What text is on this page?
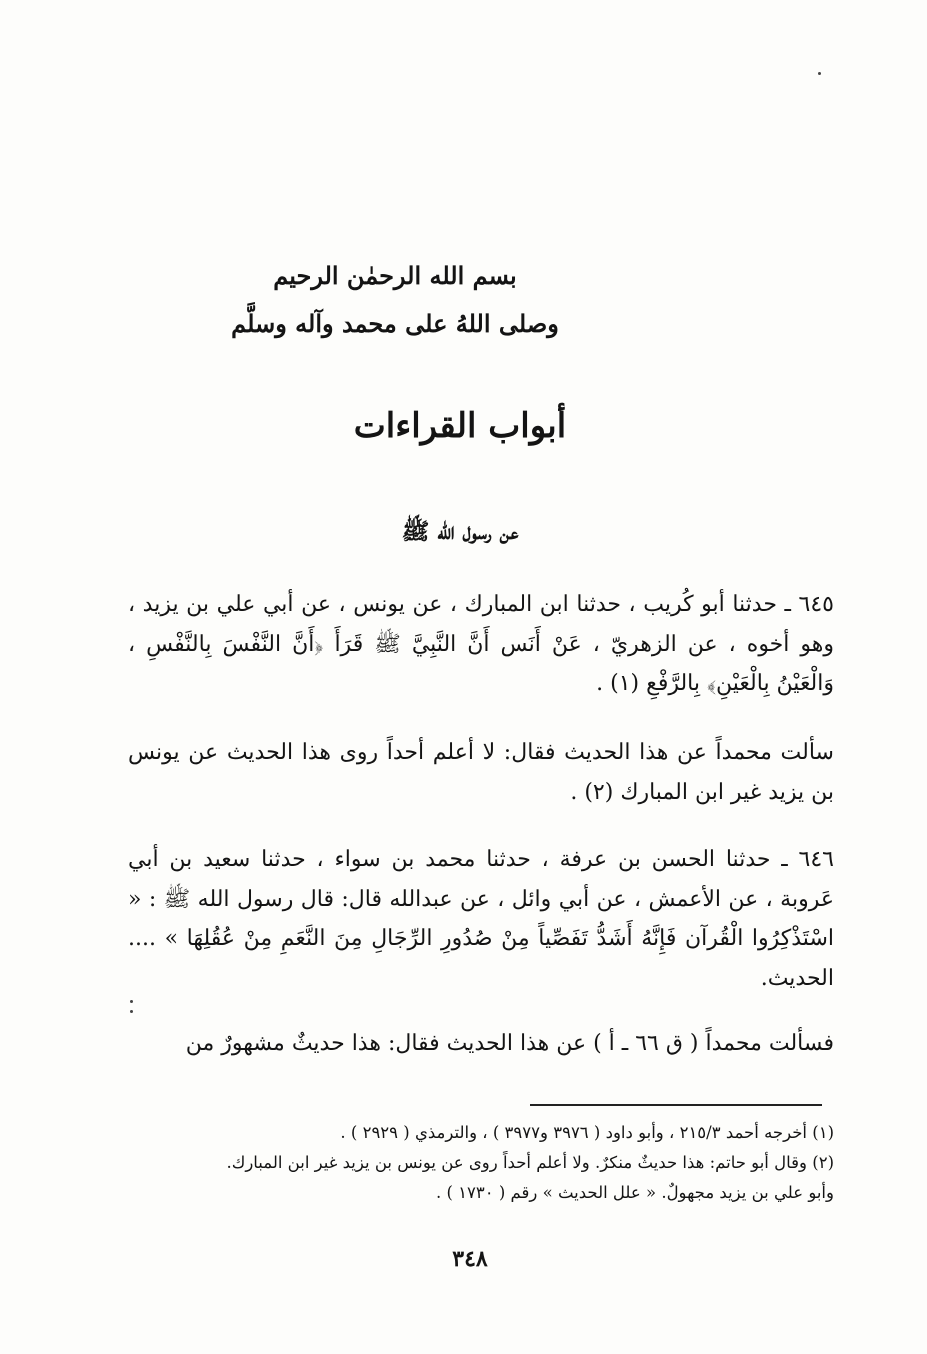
بسم الله الرحمٰن الرحيم
وصلى اللهُ على محمد وآله وسلَّم
أبواب القراءات
عن رسول الله ﷺ

٦٤٥ ـ حدثنا أبو كُريب ، حدثنا ابن المبارك ، عن يونس ، عن أبي علي بن يزيد ، وهو أخوه ، عن الزهريّ ، عَنْ أَنَس أَنَّ النَّبِيَّ ﷺ قَرَأَ ﴿أَنَّ النَّفْسَ بِالنَّفْسِ ، وَالْعَيْنُ بِالْعَيْنِ﴾ بِالرَّفْعِ (١) .

سألت محمداً عن هذا الحديث فقال: لا أعلم أحداً روى هذا الحديث عن يونس بن يزيد غير ابن المبارك (٢) .

٦٤٦ ـ حدثنا الحسن بن عرفة ، حدثنا محمد بن سواء ، حدثنا سعيد بن أبي عَروبة ، عن الأعمش ، عن أبي وائل ، عن عبدالله قال: قال رسول الله ﷺ : « اسْتَذْكِرُوا الْقُرآن فَإِنَّهُ أَشَدُّ تَفَصِّياً مِنْ صُدُورِ الرِّجَالِ مِنَ النَّعَمِ مِنْ عُقُلِهَا » .... الحديث.

فسألت محمداً ( ق ٦٦ ـ أ ) عن هذا الحديث فقال: هذا حديثٌ مشهورٌ من

(١) أخرجه أحمد ٢١٥/٣ ، وأبو داود ( ٣٩٧٦ و٣٩٧٧ ) ، والترمذي ( ٢٩٢٩ ) .

(٢) وقال أبو حاتم: هذا حديثٌ منكرٌ. ولا أعلم أحداً روى عن يونس بن يزيد غير ابن المبارك.

وأبو علي بن يزيد مجهولٌ. « علل الحديث » رقم ( ١٧٣٠ ) .

٣٤٨
